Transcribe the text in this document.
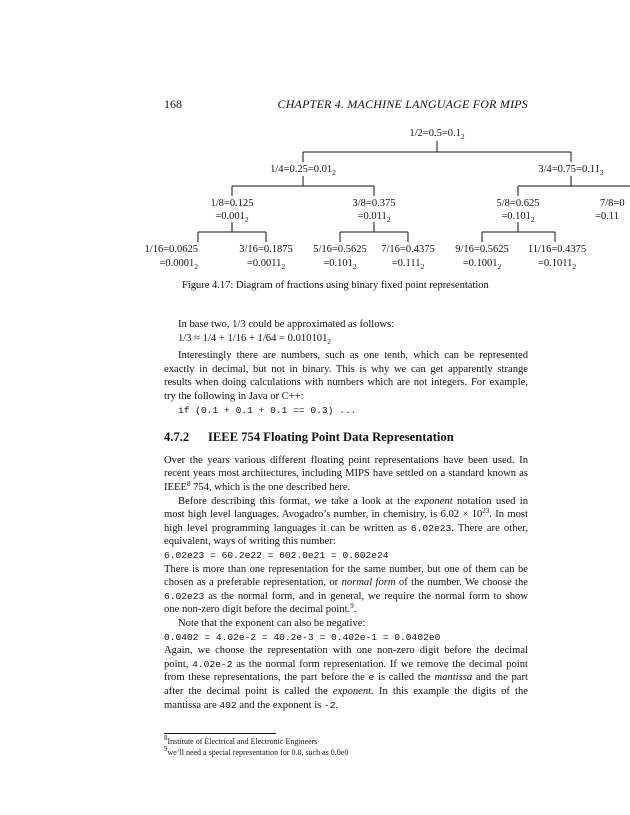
168	CHAPTER 4. MACHINE LANGUAGE FOR MIPS
$1/2=0.5=0.1_2$
$1/4=0.25=0.01_2$	$3/4=0.75=0.11_2$
1/8=0.125
$=0.001_2$
3/8=0.375
$=0.011_2$
5/8=0.625
$=0.101_2$
7/8=0
=0.11
1/16=0.0625
$=0.0001_2$
3/16=0.1875
$=0.0011_2$
5/16=0.5625
$=0.101_2$
7/16=0.4375
$=0.111_2$
9/16=0.5625
$=0.1001_2$
11/16=0.4375
$=0.1011_2$
Figure 4.17: Diagram of fractions using binary fixed point representation

In base two, 1/3 could be approximated as follows:

$1/3 \approx 1/4 + 1/16 + 1/64 = 0.010101_2$

Interestingly there are numbers, such as one tenth, which can be represented exactly in decimal, but not in binary. This is why we can get apparently strange results when doing calculations with numbers which are not integers. For example, try the following in Java or C++:

if (0.1 + 0.1 + 0.1 == 0.3) ...

4.7.2 IEEE 754 Floating Point Data Representation

Over the years various different floating point representations have been used. In recent years most architectures, including MIPS have settled on a standard known as IEEE$^8$ 754, which is the one described here.

Before describing this format, we take a look at the exponent notation used in most high level languages. Avogadro’s number, in chemistry, is $6.02 \times 10^{23}$. In most high level programming languages it can be written as 6.02e23. There are other, equivalent, ways of writing this number:

6.02e23 = 60.2e22 = 602.0e21 = 0.602e24

There is more than one representation for the same number, but one of them can be chosen as a preferable representation, or normal form of the number. We choose the 6.02e23 as the normal form, and in general, we require the normal form to show one non-zero digit before the decimal point.$^9$.

Note that the exponent can also be negative:

0.0402 = 4.02e-2 = 40.2e-3 = 0.402e-1 = 0.0402e0

Again, we choose the representation with one non-zero digit before the decimal point, 4.02e-2 as the normal form representation. If we remove the decimal point from these representations, the part before the e is called the mantissa and the part after the decimal point is called the exponent. In this example the digits of the mantissa are 402 and the exponent is -2.

$^8$Institute of Electrical and Electronic Engineers
$^9$we’ll need a special representation for 0.0, such as 0.0e0
